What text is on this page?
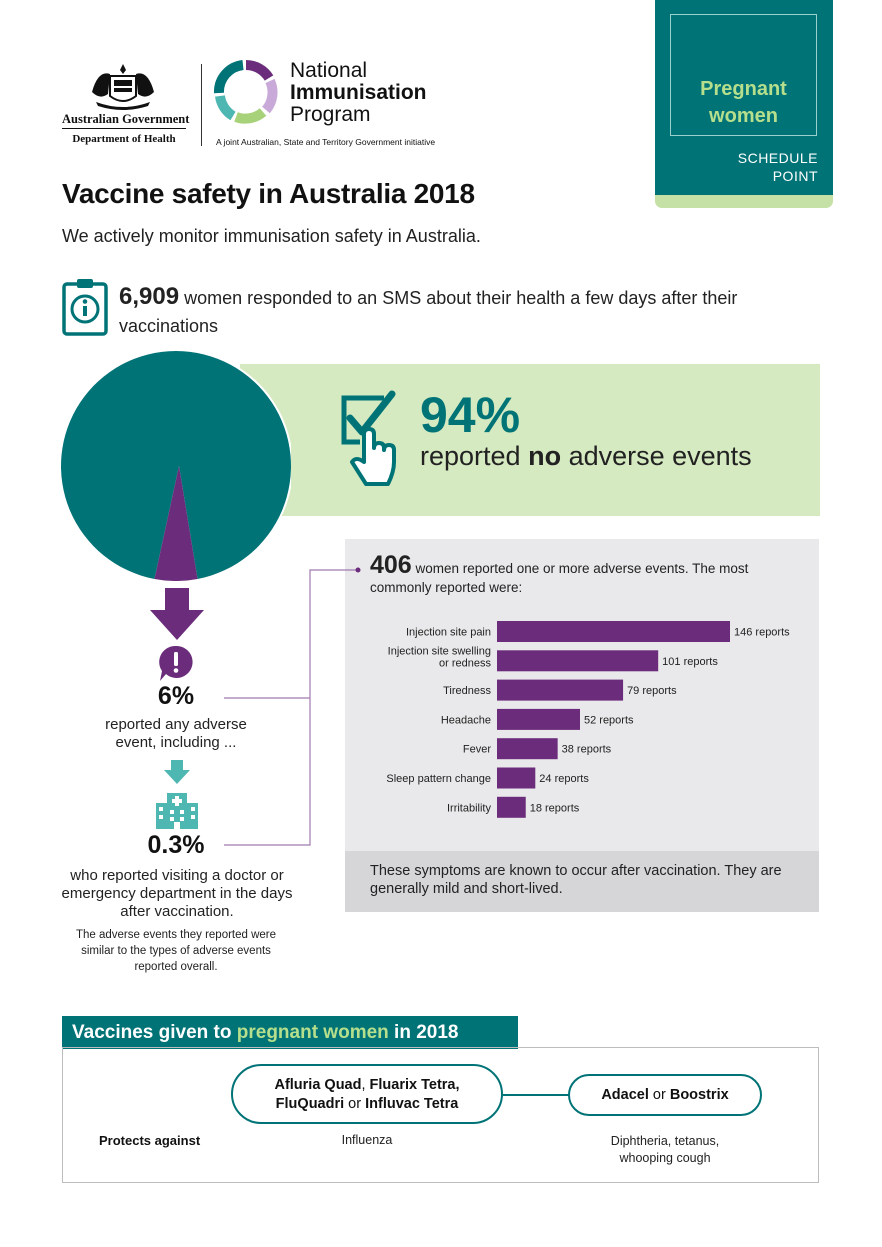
Australian Government
Department of Health
National
Immunisation
Program
A joint Australian, State and Territory Government initiative
Pregnant
women
SCHEDULE
POINT
Vaccine safety in Australia 2018
We actively monitor immunisation safety in Australia.
6,909 women responded to an SMS about their health a few days after their vaccinations
94%
reported no adverse events
6%
reported any adverse event, including ...
0.3%
who reported visiting a doctor or emergency department in the days after vaccination.
The adverse events they reported were similar to the types of adverse events reported overall.
406 women reported one or more adverse events. The most commonly reported were:
These symptoms are known to occur after vaccination. They are generally mild and short-lived.
146 reports
Injection site pain
101 reports
Injection site swelling or redness
79 reports
Tiredness
52 reports
Headache
38 reports
Fever
24 reports
Sleep pattern change
18 reports
Irritability
Vaccines given to pregnant women in 2018
Afluria Quad, Fluarix Tetra,
FluQuadri or Influvac Tetra
Adacel or Boostrix
Protects against	Influenza	Diphtheria, tetanus,
whooping cough
